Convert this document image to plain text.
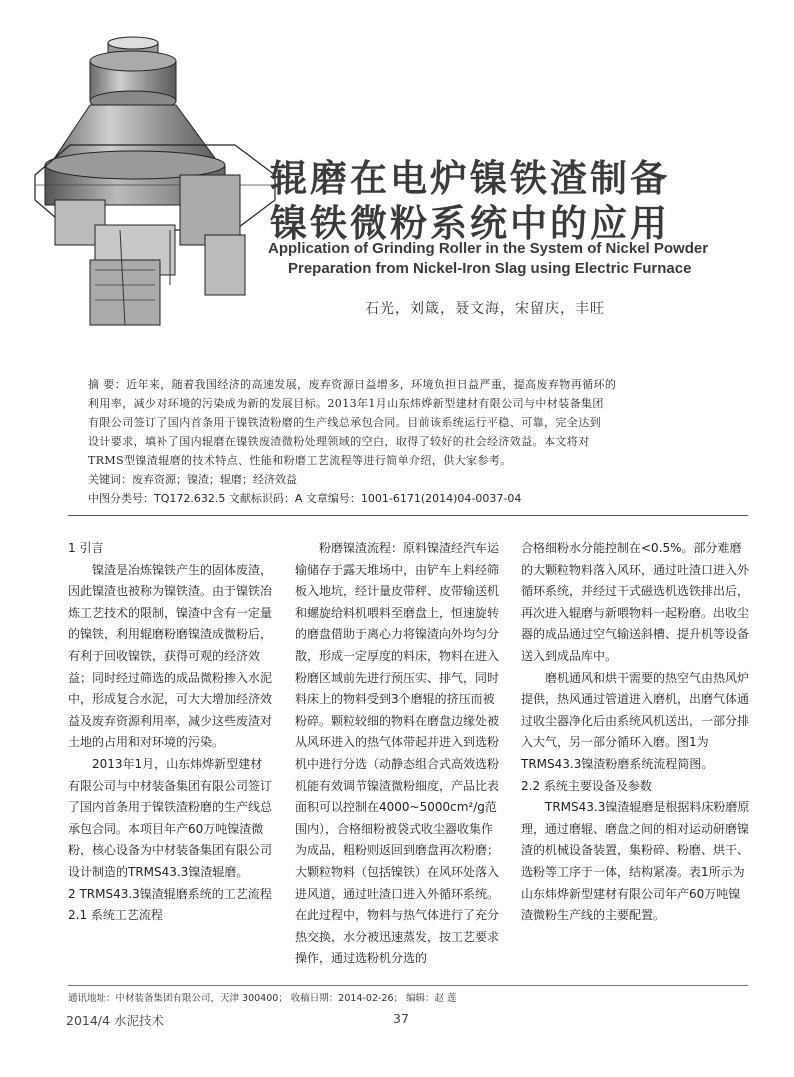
辊磨在电炉镍铁渣制备
镍铁微粉系统中的应用
Application of Grinding Roller in the System of Nickel Powder
Preparation from Nickel-Iron Slag using Electric Furnace
石光，刘箴，聂文海，宋留庆，丰旺
摘 要：近年来，随着我国经济的高速发展，废弃资源日益增多，环境负担日益严重，提高废弃物再循环的
利用率，减少对环境的污染成为新的发展目标。2013年1月山东炜烨新型建材有限公司与中材装备集团
有限公司签订了国内首条用于镍铁渣粉磨的生产线总承包合同。目前该系统运行平稳、可靠，完全达到
设计要求，填补了国内辊磨在镍铁废渣微粉处理领域的空白，取得了较好的社会经济效益。本文将对
TRMS型镍渣辊磨的技术特点、性能和粉磨工艺流程等进行简单介绍，供大家参考。
关键词：废弃资源；镍渣；辊磨；经济效益
中图分类号：TQ172.632.5 文献标识码：A 文章编号：1001-6171(2014)04-0037-04

1 引言

镍渣是冶炼镍铁产生的固体废渣，因此镍渣也被称为镍铁渣。由于镍铁冶炼工艺技术的限制，镍渣中含有一定量的镍铁，利用辊磨粉磨镍渣成微粉后，有利于回收镍铁，获得可观的经济效益；同时经过筛选的成品微粉掺入水泥中，形成复合水泥，可大大增加经济效益及废弃资源利用率，减少这些废渣对土地的占用和对环境的污染。

2013年1月，山东炜烨新型建材有限公司与中材装备集团有限公司签订了国内首条用于镍铁渣粉磨的生产线总承包合同。本项目年产60万吨镍渣微粉，核心设备为中材装备集团有限公司设计制造的TRMS43.3镍渣辊磨。

2 TRMS43.3镍渣辊磨系统的工艺流程

2.1 系统工艺流程

粉磨镍渣流程：原料镍渣经汽车运输储存于露天堆场中，由铲车上料经筛板入地坑，经计量皮带秤、皮带输送机和螺旋给料机喂料至磨盘上，恒速旋转的磨盘借助于离心力将镍渣向外均匀分散，形成一定厚度的料床，物料在进入粉磨区域前先进行预压实、排气，同时料床上的物料受到3个磨辊的挤压而被粉碎。颗粒较细的物料在磨盘边缘处被从风环进入的热气体带起并进入到选粉机中进行分选（动静态组合式高效选粉机能有效调节镍渣微粉细度，产品比表面积可以控制在4000~5000cm²/g范围内），合格细粉被袋式收尘器收集作为成品，粗粉则返回到磨盘再次粉磨；大颗粒物料（包括镍铁）在风环处落入进风道，通过吐渣口进入外循环系统。在此过程中，物料与热气体进行了充分热交换，水分被迅速蒸发，按工艺要求操作，通过选粉机分选的

合格细粉水分能控制在<0.5%。部分难磨的大颗粒物料落入风环，通过吐渣口进入外循环系统，并经过干式磁选机选铁排出后，再次进入辊磨与新喂物料一起粉磨。出收尘器的成品通过空气输送斜槽、提升机等设备送入到成品库中。

磨机通风和烘干需要的热空气由热风炉提供，热风通过管道进入磨机，出磨气体通过收尘器净化后由系统风机送出，一部分排入大气，另一部分循环入磨。图1为TRMS43.3镍渣粉磨系统流程简图。

2.2 系统主要设备及参数

TRMS43.3镍渣辊磨是根据料床粉磨原理，通过磨辊、磨盘之间的相对运动研磨镍渣的机械设备装置，集粉碎、粉磨、烘干、选粉等工序于一体，结构紧凑。表1所示为山东炜烨新型建材有限公司年产60万吨镍渣微粉生产线的主要配置。

通讯地址：中材装备集团有限公司，天津 300400； 收稿日期：2014-02-26； 编辑：赵 莲
2014/4 水泥技术	37
